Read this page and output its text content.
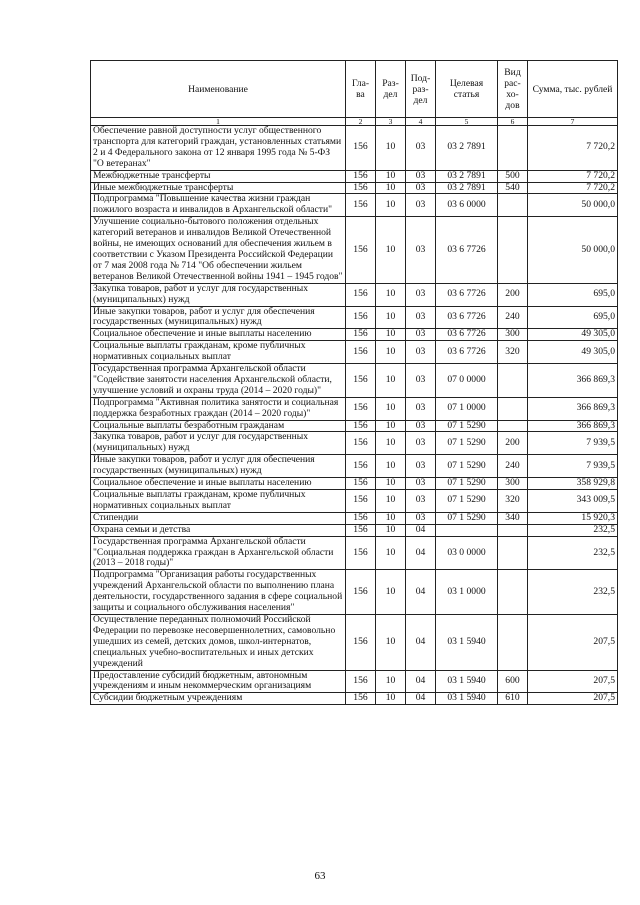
Наименование	Гла-ва	Раз-дел	Под-раз-дел	Целевая статья	Вид рас-хо-дов	Сумма, тыс. рублей
1	2	3	4	5	6	7
Обеспечение равной доступности услуг общественного транспорта для категорий граждан, установленных статьями 2 и 4 Федерального закона от 12 января 1995 года № 5-ФЗ "О ветеранах"	156	10	03	03 2 7891		7 720,2
Межбюджетные трансферты	156	10	03	03 2 7891	500	7 720,2
Иные межбюджетные трансферты	156	10	03	03 2 7891	540	7 720,2
Подпрограмма "Повышение качества жизни граждан пожилого возраста и инвалидов в Архангельской области"	156	10	03	03 6 0000		50 000,0
Улучшение социально-бытового положения отдельных категорий ветеранов и инвалидов Великой Отечественной войны, не имеющих оснований для обеспечения жильем в соответствии с Указом Президента Российской Федерации от 7 мая 2008 года № 714 "Об обеспечении жильем ветеранов Великой Отечественной войны 1941 – 1945 годов"	156	10	03	03 6 7726		50 000,0
Закупка товаров, работ и услуг для государственных (муниципальных) нужд	156	10	03	03 6 7726	200	695,0
Иные закупки товаров, работ и услуг для обеспечения государственных (муниципальных) нужд	156	10	03	03 6 7726	240	695,0
Социальное обеспечение и иные выплаты населению	156	10	03	03 6 7726	300	49 305,0
Социальные выплаты гражданам, кроме публичных нормативных социальных выплат	156	10	03	03 6 7726	320	49 305,0
Государственная программа Архангельской области "Содействие занятости населения Архангельской области, улучшение условий и охраны труда (2014 – 2020 годы)"	156	10	03	07 0 0000		366 869,3
Подпрограмма "Активная политика занятости и социальная поддержка безработных граждан (2014 – 2020 годы)"	156	10	03	07 1 0000		366 869,3
Социальные выплаты безработным гражданам	156	10	03	07 1 5290		366 869,3
Закупка товаров, работ и услуг для государственных (муниципальных) нужд	156	10	03	07 1 5290	200	7 939,5
Иные закупки товаров, работ и услуг для обеспечения государственных (муниципальных) нужд	156	10	03	07 1 5290	240	7 939,5
Социальное обеспечение и иные выплаты населению	156	10	03	07 1 5290	300	358 929,8
Социальные выплаты гражданам, кроме публичных нормативных социальных выплат	156	10	03	07 1 5290	320	343 009,5
Стипендии	156	10	03	07 1 5290	340	15 920,3
Охрана семьи и детства	156	10	04			232,5
Государственная программа Архангельской области "Социальная поддержка граждан в Архангельской области (2013 – 2018 годы)"	156	10	04	03 0 0000		232,5
Подпрограмма "Организация работы государственных учреждений Архангельской области по выполнению плана деятельности, государственного задания в сфере социальной защиты и социального обслуживания населения"	156	10	04	03 1 0000		232,5
Осуществление переданных полномочий Российской Федерации по перевозке несовершеннолетних, самовольно ушедших из семей, детских домов, школ-интернатов, специальных учебно-воспитательных и иных детских учреждений	156	10	04	03 1 5940		207,5
Предоставление субсидий бюджетным, автономным учреждениям и иным некоммерческим организациям	156	10	04	03 1 5940	600	207,5
Субсидии бюджетным учреждениям	156	10	04	03 1 5940	610	207,5
63
